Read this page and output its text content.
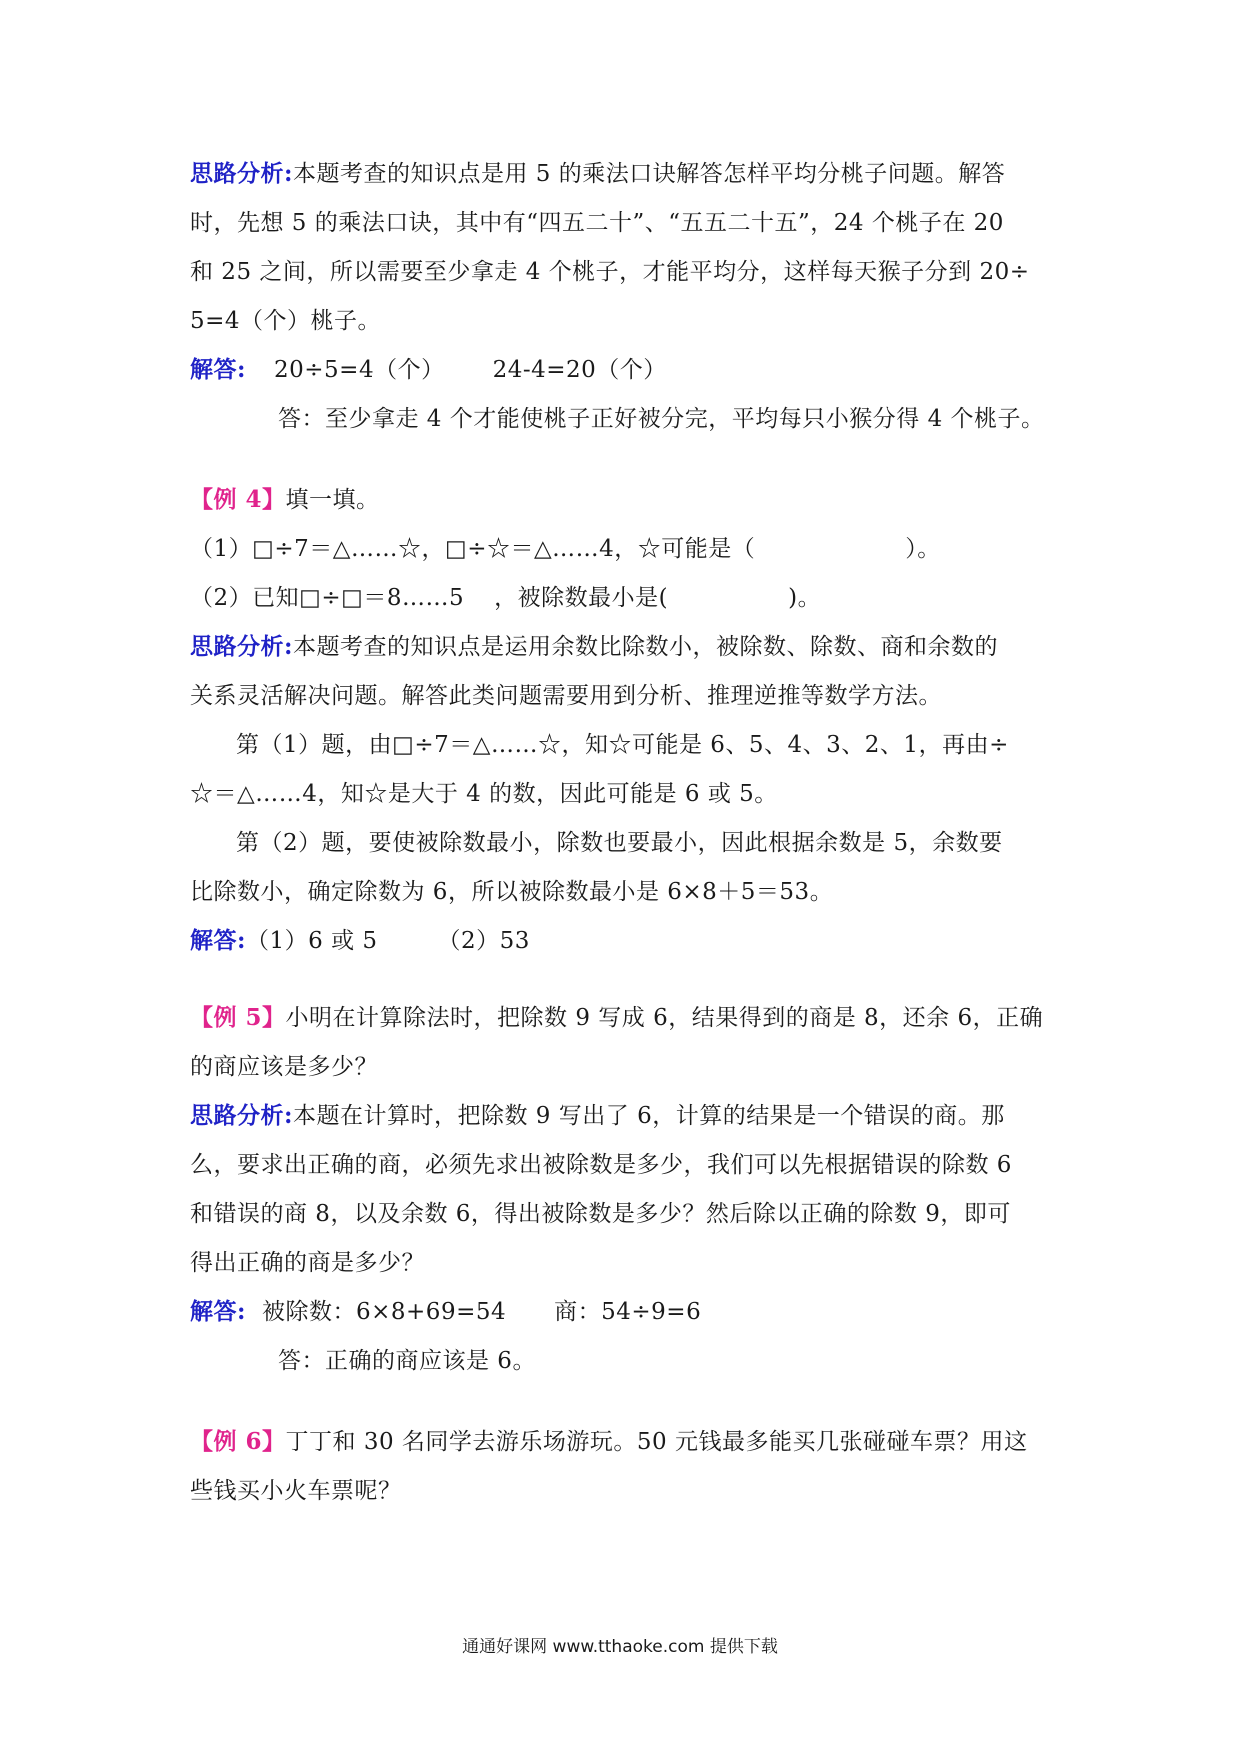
思路分析:本题考查的知识点是用 5 的乘法口诀解答怎样平均分桃子问题。解答
时，先想 5 的乘法口诀，其中有“四五二十”、“五五二十五”，24 个桃子在 20
和 25 之间，所以需要至少拿走 4 个桃子，才能平均分，这样每天猴子分到 20÷
5=4（个）桃子。
解答: 20÷5=4（个） 24-4=20（个）
答：至少拿走 4 个才能使桃子正好被分完，平均每只小猴分得 4 个桃子。
【例 4】填一填。
（1）□÷7＝△……☆，□÷☆＝△……4，☆可能是（	）。
（2）已知□÷□＝8……5 ，被除数最小是(	)。
思路分析:本题考查的知识点是运用余数比除数小，被除数、除数、商和余数的
关系灵活解决问题。解答此类问题需要用到分析、推理逆推等数学方法。
第（1）题，由□÷7＝△……☆，知☆可能是 6、5、4、3、2、1，再由÷
☆＝△……4，知☆是大于 4 的数，因此可能是 6 或 5。
第（2）题，要使被除数最小，除数也要最小，因此根据余数是 5，余数要
比除数小，确定除数为 6，所以被除数最小是 6×8＋5＝53。
解答:（1）6 或 5	（2）53
【例 5】小明在计算除法时，把除数 9 写成 6，结果得到的商是 8，还余 6，正确
的商应该是多少？
思路分析:本题在计算时，把除数 9 写出了 6，计算的结果是一个错误的商。那
么，要求出正确的商，必须先求出被除数是多少，我们可以先根据错误的除数 6
和错误的商 8，以及余数 6，得出被除数是多少？然后除以正确的除数 9，即可
得出正确的商是多少？
解答: 被除数：6×8+69=54 商：54÷9=6
答：正确的商应该是 6。
【例 6】丁丁和 30 名同学去游乐场游玩。50 元钱最多能买几张碰碰车票？用这
些钱买小火车票呢？
通通好课网 www.tthaoke.com 提供下载
